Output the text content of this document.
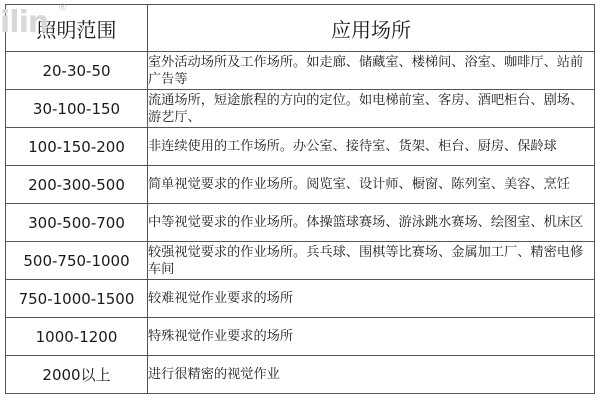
ilin ®
照明范围	应用场所
20-30-50	室外活动场所及工作场所。如走廊、储藏室、楼梯间、浴室、咖啡厅、站前广告等
30-100-150	流通场所，短途旅程的方向的定位。如电梯前室、客房、酒吧柜台、剧场、游艺厅、
100-150-200	非连续使用的工作场所。办公室、接待室、货架、柜台、厨房、保龄球
200-300-500	简单视觉要求的作业场所。阅览室、设计师、橱窗、陈列室、美容、烹饪
300-500-700	中等视觉要求的作业场所。体操篮球赛场、游泳跳水赛场、绘图室、机床区
500-750-1000	较强视觉要求的作业场所。兵乓球、围棋等比赛场、金属加工厂、精密电修车间
750-1000-1500	较难视觉作业要求的场所
1000-1200	特殊视觉作业要求的场所
2000以上	进行很精密的视觉作业
